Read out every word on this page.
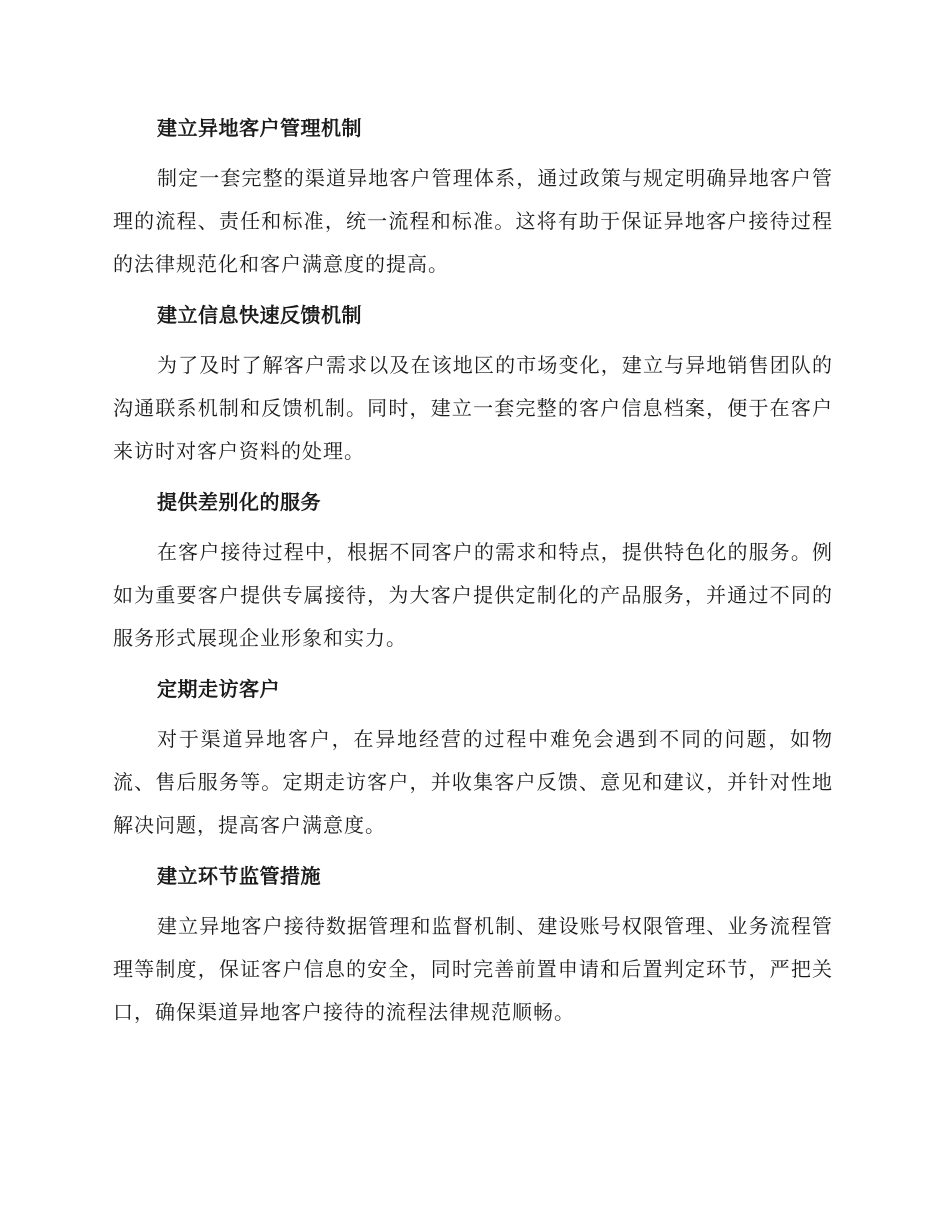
建立异地客户管理机制

制定一套完整的渠道异地客户管理体系，通过政策与规定明确异地客户管理的流程、责任和标准，统一流程和标准。这将有助于保证异地客户接待过程的法律规范化和客户满意度的提高。

建立信息快速反馈机制

为了及时了解客户需求以及在该地区的市场变化，建立与异地销售团队的沟通联系机制和反馈机制。同时，建立一套完整的客户信息档案，便于在客户来访时对客户资料的处理。

提供差别化的服务

在客户接待过程中，根据不同客户的需求和特点，提供特色化的服务。例如为重要客户提供专属接待，为大客户提供定制化的产品服务，并通过不同的服务形式展现企业形象和实力。

定期走访客户

对于渠道异地客户，在异地经营的过程中难免会遇到不同的问题，如物流、售后服务等。定期走访客户，并收集客户反馈、意见和建议，并针对性地解决问题，提高客户满意度。

建立环节监管措施

建立异地客户接待数据管理和监督机制、建设账号权限管理、业务流程管理等制度，保证客户信息的安全，同时完善前置申请和后置判定环节，严把关口，确保渠道异地客户接待的流程法律规范顺畅。
